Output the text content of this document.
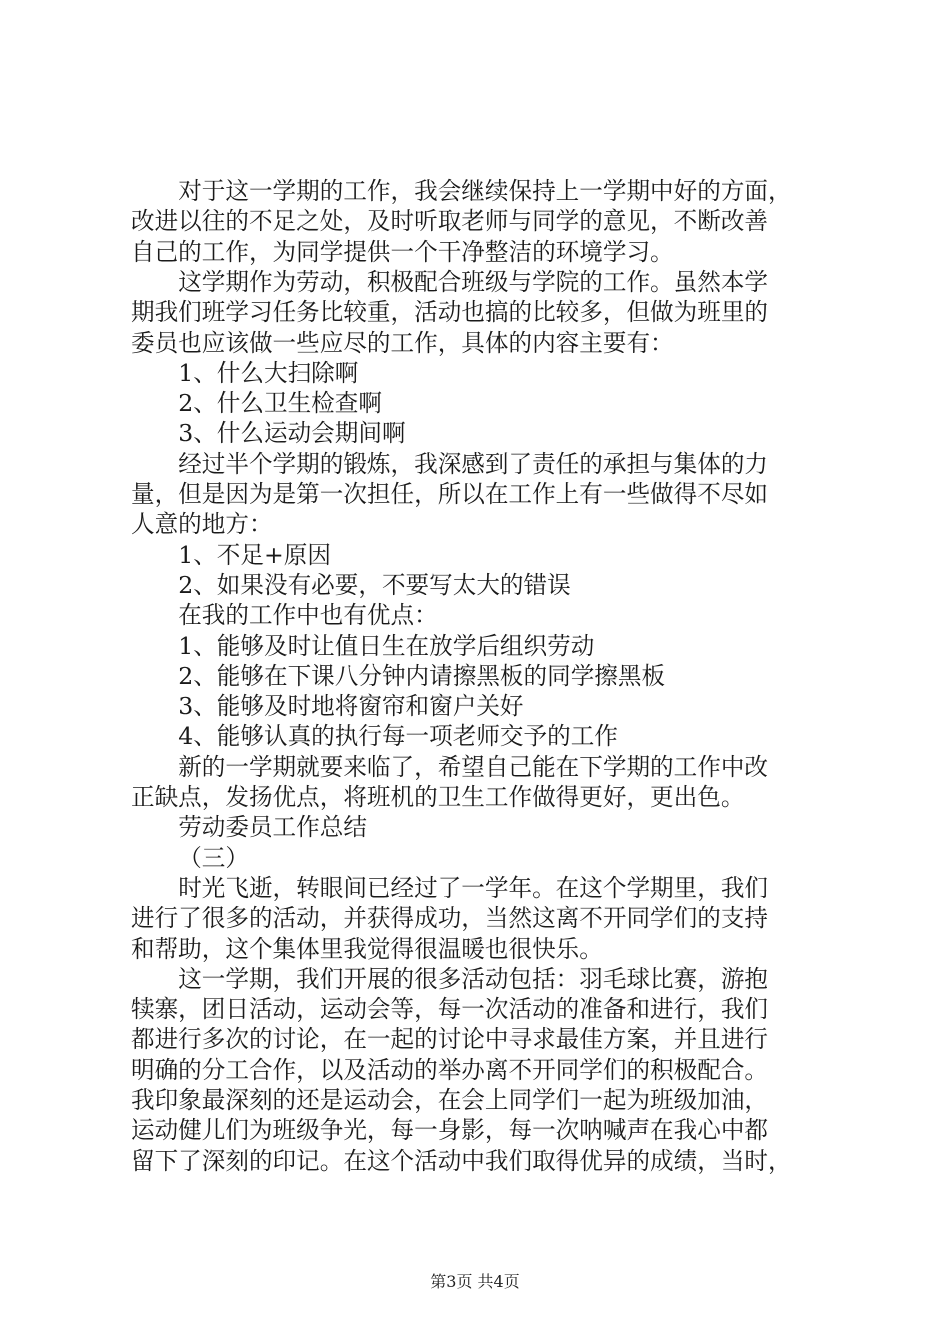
对于这一学期的工作，我会继续保持上一学期中好的方面，
改进以往的不足之处，及时听取老师与同学的意见，不断改善
自己的工作，为同学提供一个干净整洁的环境学习。
这学期作为劳动，积极配合班级与学院的工作。虽然本学
期我们班学习任务比较重，活动也搞的比较多，但做为班里的
委员也应该做一些应尽的工作，具体的内容主要有：
1、什么大扫除啊
2、什么卫生检查啊
3、什么运动会期间啊
经过半个学期的锻炼，我深感到了责任的承担与集体的力
量，但是因为是第一次担任，所以在工作上有一些做得不尽如
人意的地方：
1、不足+原因
2、如果没有必要，不要写太大的错误
在我的工作中也有优点：
1、能够及时让值日生在放学后组织劳动
2、能够在下课八分钟内请擦黑板的同学擦黑板
3、能够及时地将窗帘和窗户关好
4、能够认真的执行每一项老师交予的工作
新的一学期就要来临了，希望自己能在下学期的工作中改
正缺点，发扬优点，将班机的卫生工作做得更好，更出色。
劳动委员工作总结
（三）
时光飞逝，转眼间已经过了一学年。在这个学期里，我们
进行了很多的活动，并获得成功，当然这离不开同学们的支持
和帮助，这个集体里我觉得很温暖也很快乐。
这一学期，我们开展的很多活动包括：羽毛球比赛，游抱
犊寨，团日活动，运动会等，每一次活动的准备和进行，我们
都进行多次的讨论，在一起的讨论中寻求最佳方案，并且进行
明确的分工合作，以及活动的举办离不开同学们的积极配合。
我印象最深刻的还是运动会，在会上同学们一起为班级加油，
运动健儿们为班级争光，每一身影，每一次呐喊声在我心中都
留下了深刻的印记。在这个活动中我们取得优异的成绩，当时，
第3页 共4页
